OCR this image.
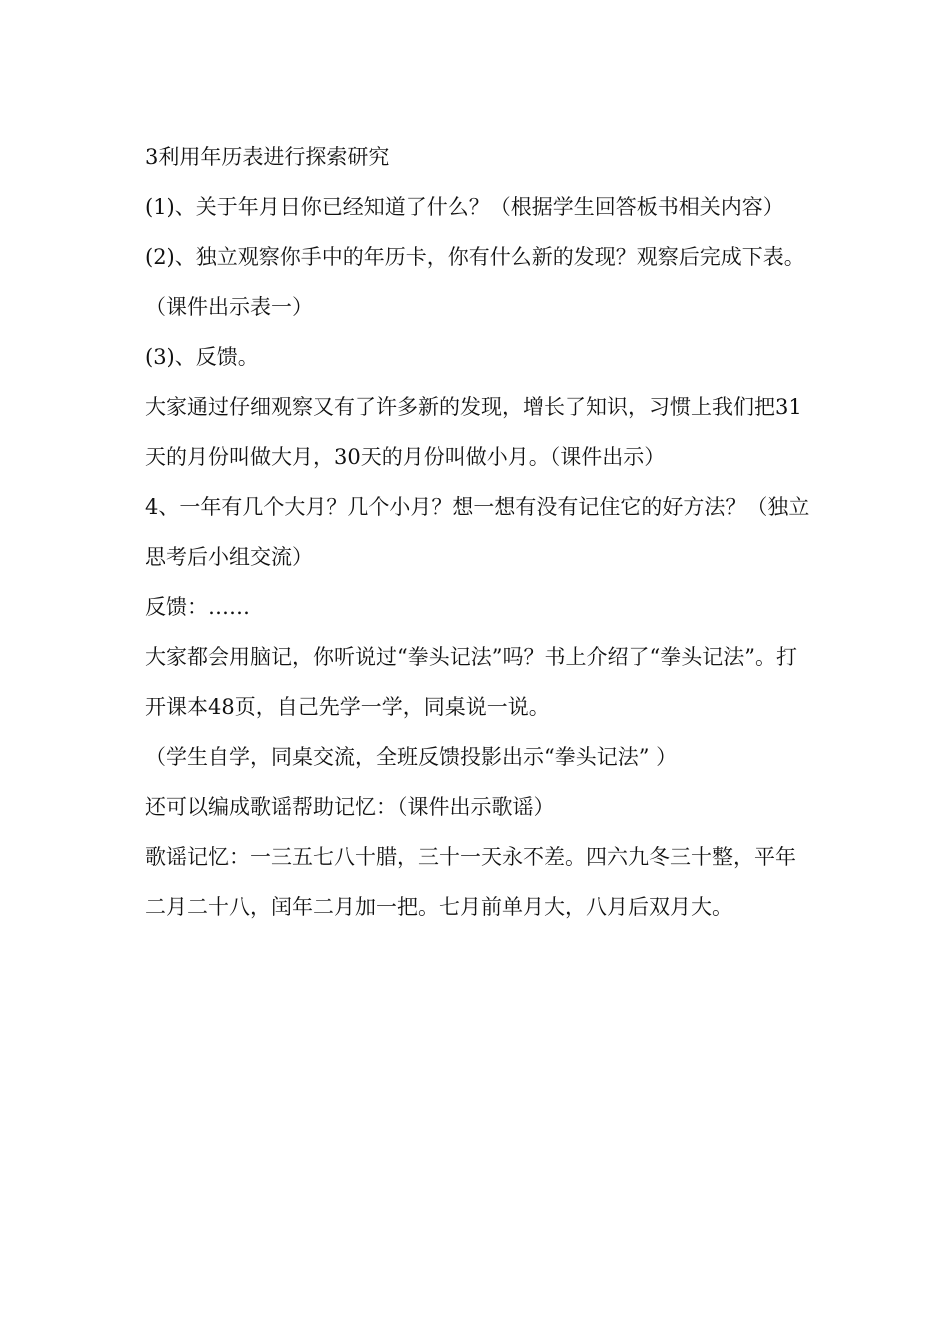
3利用年历表进行探索研究

(1)、关于年月日你已经知道了什么？（根据学生回答板书相关内容）

(2)、独立观察你手中的年历卡，你有什么新的发现？观察后完成下表。（课件出示表一）

(3)、反馈。

大家通过仔细观察又有了许多新的发现，增长了知识，习惯上我们把31天的月份叫做大月，30天的月份叫做小月。（课件出示）

4、一年有几个大月？几个小月？想一想有没有记住它的好方法？（独立思考后小组交流）

反馈：……

大家都会用脑记，你听说过“拳头记法”吗？书上介绍了“拳头记法”。打开课本48页，自己先学一学，同桌说一说。

（学生自学，同桌交流，全班反馈投影出示“拳头记法” ）

还可以编成歌谣帮助记忆：（课件出示歌谣）

歌谣记忆：一三五七八十腊，三十一天永不差。四六九冬三十整，平年二月二十八，闰年二月加一把。七月前单月大，八月后双月大。
